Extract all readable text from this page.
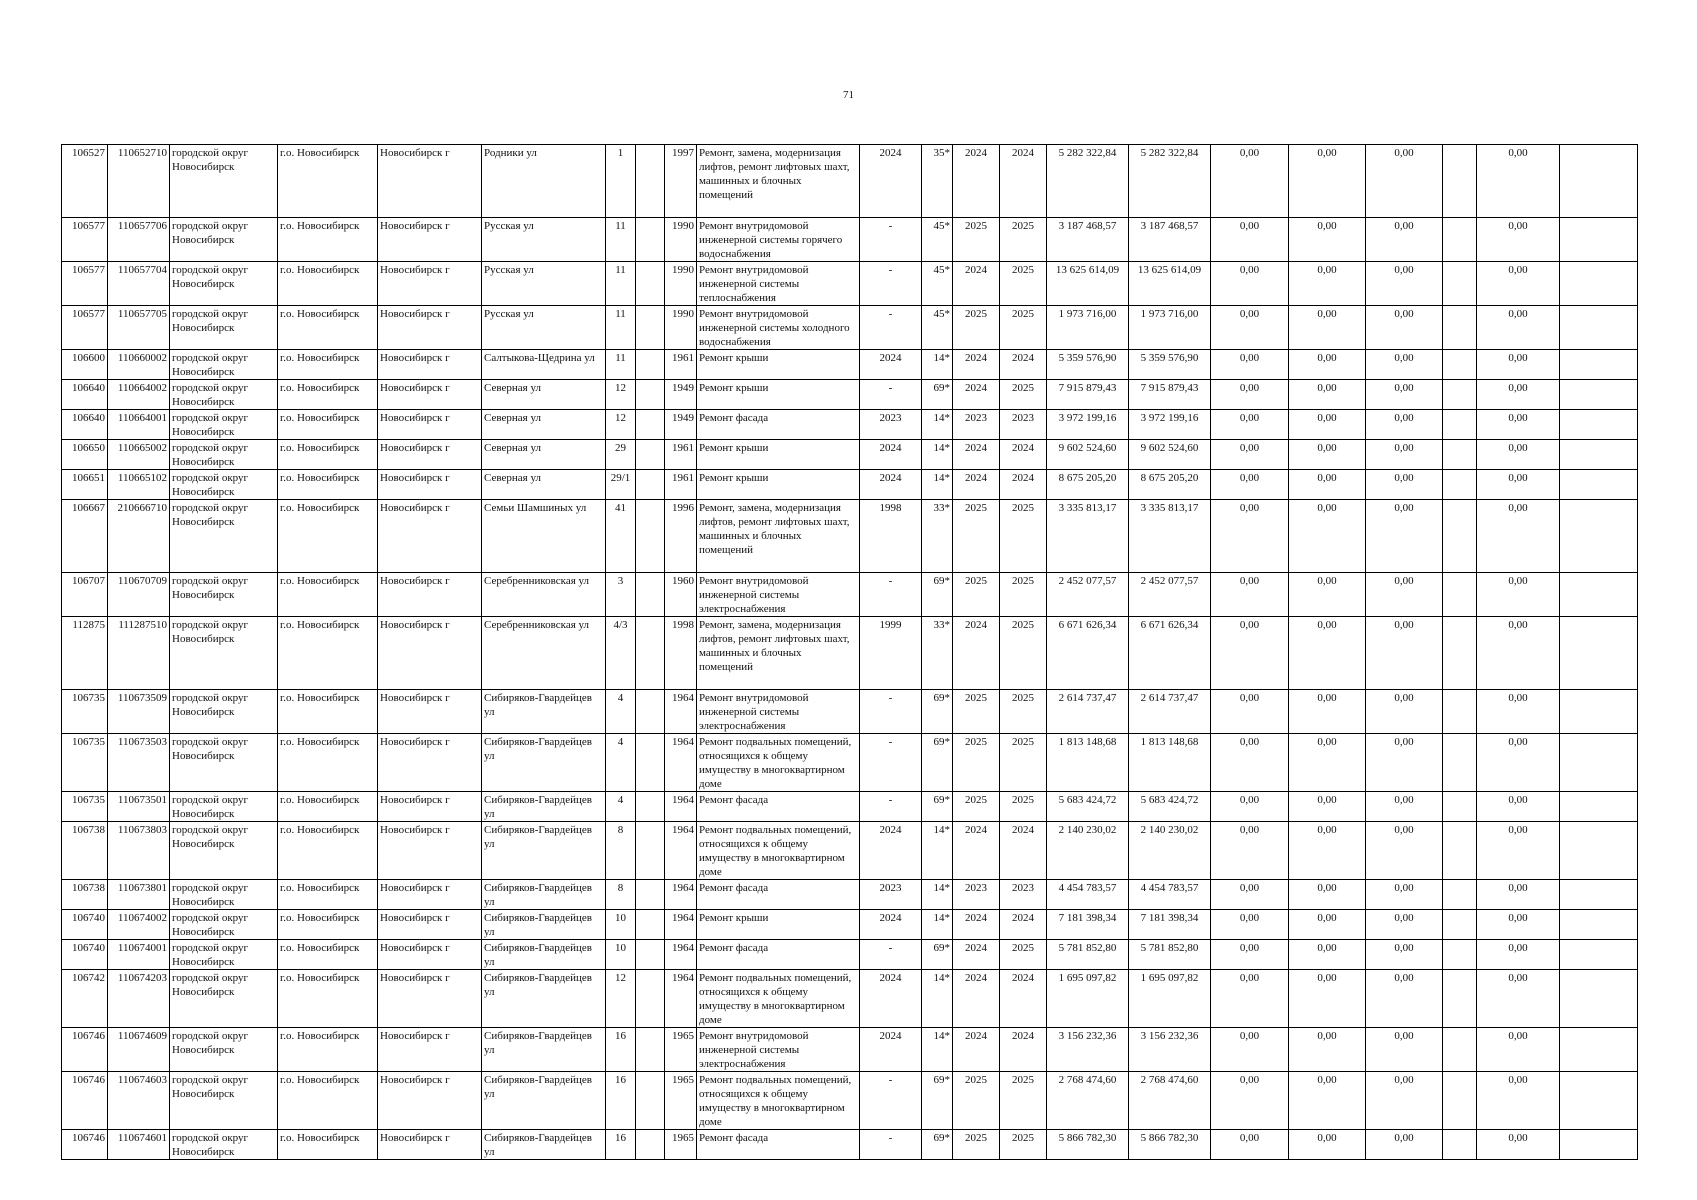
71
106527	110652710	городской округ Новосибирск	г.о. Новосибирск	Новосибирск г	Родники ул	1		1997	Ремонт, замена, модернизация лифтов, ремонт лифтовых шахт, машинных и блочных помещений	2024	35*	2024	2024	5 282 322,84	5 282 322,84	0,00	0,00	0,00		0,00	
106577	110657706	городской округ Новосибирск	г.о. Новосибирск	Новосибирск г	Русская ул	11		1990	Ремонт внутридомовой инженерной системы горячего водоснабжения	-	45*	2025	2025	3 187 468,57	3 187 468,57	0,00	0,00	0,00		0,00	
106577	110657704	городской округ Новосибирск	г.о. Новосибирск	Новосибирск г	Русская ул	11		1990	Ремонт внутридомовой инженерной системы теплоснабжения	-	45*	2024	2025	13 625 614,09	13 625 614,09	0,00	0,00	0,00		0,00	
106577	110657705	городской округ Новосибирск	г.о. Новосибирск	Новосибирск г	Русская ул	11		1990	Ремонт внутридомовой инженерной системы холодного водоснабжения	-	45*	2025	2025	1 973 716,00	1 973 716,00	0,00	0,00	0,00		0,00	
106600	110660002	городской округ Новосибирск	г.о. Новосибирск	Новосибирск г	Салтыкова-Щедрина ул	11		1961	Ремонт крыши	2024	14*	2024	2024	5 359 576,90	5 359 576,90	0,00	0,00	0,00		0,00	
106640	110664002	городской округ Новосибирск	г.о. Новосибирск	Новосибирск г	Северная ул	12		1949	Ремонт крыши	-	69*	2024	2025	7 915 879,43	7 915 879,43	0,00	0,00	0,00		0,00	
106640	110664001	городской округ Новосибирск	г.о. Новосибирск	Новосибирск г	Северная ул	12		1949	Ремонт фасада	2023	14*	2023	2023	3 972 199,16	3 972 199,16	0,00	0,00	0,00		0,00	
106650	110665002	городской округ Новосибирск	г.о. Новосибирск	Новосибирск г	Северная ул	29		1961	Ремонт крыши	2024	14*	2024	2024	9 602 524,60	9 602 524,60	0,00	0,00	0,00		0,00	
106651	110665102	городской округ Новосибирск	г.о. Новосибирск	Новосибирск г	Северная ул	29/1		1961	Ремонт крыши	2024	14*	2024	2024	8 675 205,20	8 675 205,20	0,00	0,00	0,00		0,00	
106667	210666710	городской округ Новосибирск	г.о. Новосибирск	Новосибирск г	Семьи Шамшиных ул	41		1996	Ремонт, замена, модернизация лифтов, ремонт лифтовых шахт, машинных и блочных помещений	1998	33*	2025	2025	3 335 813,17	3 335 813,17	0,00	0,00	0,00		0,00	
106707	110670709	городской округ Новосибирск	г.о. Новосибирск	Новосибирск г	Серебренниковская ул	3		1960	Ремонт внутридомовой инженерной системы электроснабжения	-	69*	2025	2025	2 452 077,57	2 452 077,57	0,00	0,00	0,00		0,00	
112875	111287510	городской округ Новосибирск	г.о. Новосибирск	Новосибирск г	Серебренниковская ул	4/3		1998	Ремонт, замена, модернизация лифтов, ремонт лифтовых шахт, машинных и блочных помещений	1999	33*	2024	2025	6 671 626,34	6 671 626,34	0,00	0,00	0,00		0,00	
106735	110673509	городской округ Новосибирск	г.о. Новосибирск	Новосибирск г	Сибиряков-Гвардейцев ул	4		1964	Ремонт внутридомовой инженерной системы электроснабжения	-	69*	2025	2025	2 614 737,47	2 614 737,47	0,00	0,00	0,00		0,00	
106735	110673503	городской округ Новосибирск	г.о. Новосибирск	Новосибирск г	Сибиряков-Гвардейцев ул	4		1964	Ремонт подвальных помещений, относящихся к общему имуществу в многоквартирном доме	-	69*	2025	2025	1 813 148,68	1 813 148,68	0,00	0,00	0,00		0,00	
106735	110673501	городской округ Новосибирск	г.о. Новосибирск	Новосибирск г	Сибиряков-Гвардейцев ул	4		1964	Ремонт фасада	-	69*	2025	2025	5 683 424,72	5 683 424,72	0,00	0,00	0,00		0,00	
106738	110673803	городской округ Новосибирск	г.о. Новосибирск	Новосибирск г	Сибиряков-Гвардейцев ул	8		1964	Ремонт подвальных помещений, относящихся к общему имуществу в многоквартирном доме	2024	14*	2024	2024	2 140 230,02	2 140 230,02	0,00	0,00	0,00		0,00	
106738	110673801	городской округ Новосибирск	г.о. Новосибирск	Новосибирск г	Сибиряков-Гвардейцев ул	8		1964	Ремонт фасада	2023	14*	2023	2023	4 454 783,57	4 454 783,57	0,00	0,00	0,00		0,00	
106740	110674002	городской округ Новосибирск	г.о. Новосибирск	Новосибирск г	Сибиряков-Гвардейцев ул	10		1964	Ремонт крыши	2024	14*	2024	2024	7 181 398,34	7 181 398,34	0,00	0,00	0,00		0,00	
106740	110674001	городской округ Новосибирск	г.о. Новосибирск	Новосибирск г	Сибиряков-Гвардейцев ул	10		1964	Ремонт фасада	-	69*	2024	2025	5 781 852,80	5 781 852,80	0,00	0,00	0,00		0,00	
106742	110674203	городской округ Новосибирск	г.о. Новосибирск	Новосибирск г	Сибиряков-Гвардейцев ул	12		1964	Ремонт подвальных помещений, относящихся к общему имуществу в многоквартирном доме	2024	14*	2024	2024	1 695 097,82	1 695 097,82	0,00	0,00	0,00		0,00	
106746	110674609	городской округ Новосибирск	г.о. Новосибирск	Новосибирск г	Сибиряков-Гвардейцев ул	16		1965	Ремонт внутридомовой инженерной системы электроснабжения	2024	14*	2024	2024	3 156 232,36	3 156 232,36	0,00	0,00	0,00		0,00	
106746	110674603	городской округ Новосибирск	г.о. Новосибирск	Новосибирск г	Сибиряков-Гвардейцев ул	16		1965	Ремонт подвальных помещений, относящихся к общему имуществу в многоквартирном доме	-	69*	2025	2025	2 768 474,60	2 768 474,60	0,00	0,00	0,00		0,00	
106746	110674601	городской округ Новосибирск	г.о. Новосибирск	Новосибирск г	Сибиряков-Гвардейцев ул	16		1965	Ремонт фасада	-	69*	2025	2025	5 866 782,30	5 866 782,30	0,00	0,00	0,00		0,00	
